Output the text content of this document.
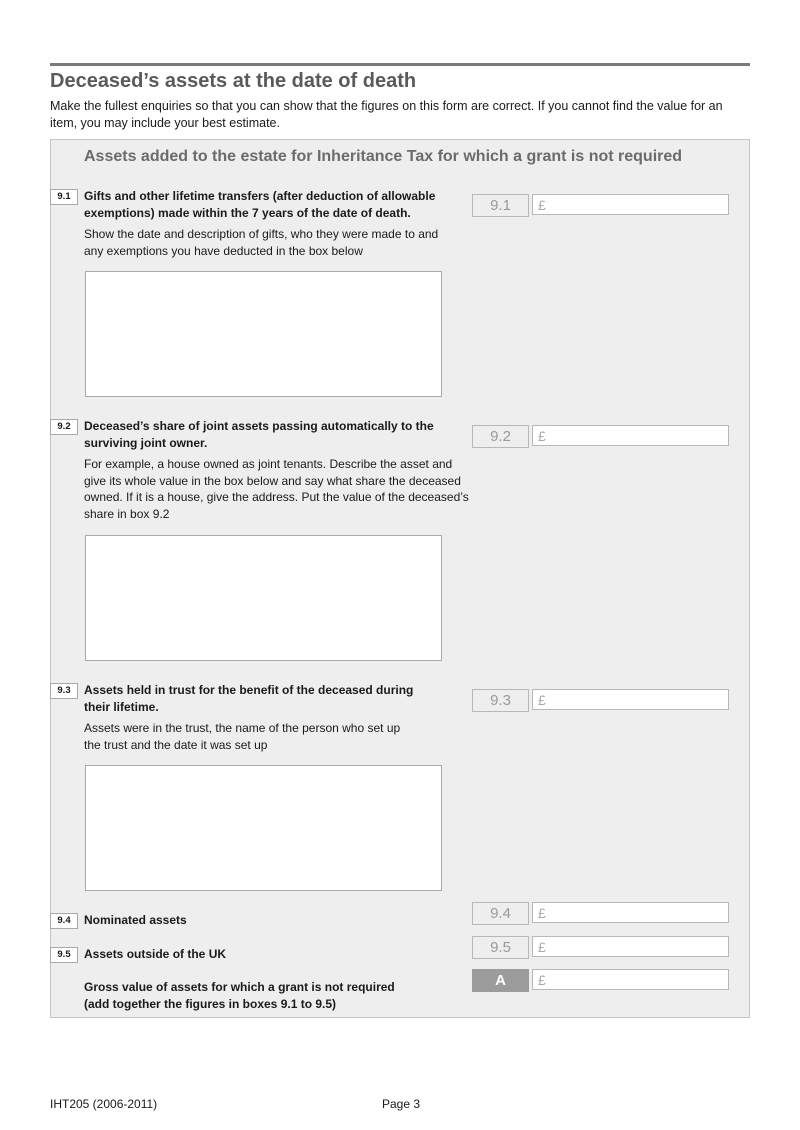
Deceased’s assets at the date of death
Make the fullest enquiries so that you can show that the figures on this form are correct. If you cannot find the value for an item, you may include your best estimate.
Assets added to the estate for Inheritance Tax for which a grant is not required
9.1	Gifts and other lifetime transfers (after deduction of allowable
exemptions) made within the 7 years of the date of death.
Show the date and description of gifts, who they were made to and
any exemptions you have deducted in the box below
9.1	£
9.2	Deceased’s share of joint assets passing automatically to the
surviving joint owner.
For example, a house owned as joint tenants. Describe the asset and
give its whole value in the box below and say what share the deceased
owned. If it is a house, give the address. Put the value of the deceased’s
share in box 9.2
9.2	£
9.3	Assets held in trust for the benefit of the deceased during
their lifetime.
Assets were in the trust, the name of the person who set up
the trust and the date it was set up
9.3	£
9.4	Nominated assets	9.4	£
9.5	Assets outside of the UK	9.5	£
Gross value of assets for which a grant is not required
(add together the figures in boxes 9.1 to 9.5)
A	£
IHT205 (2006-2011)	Page 3
